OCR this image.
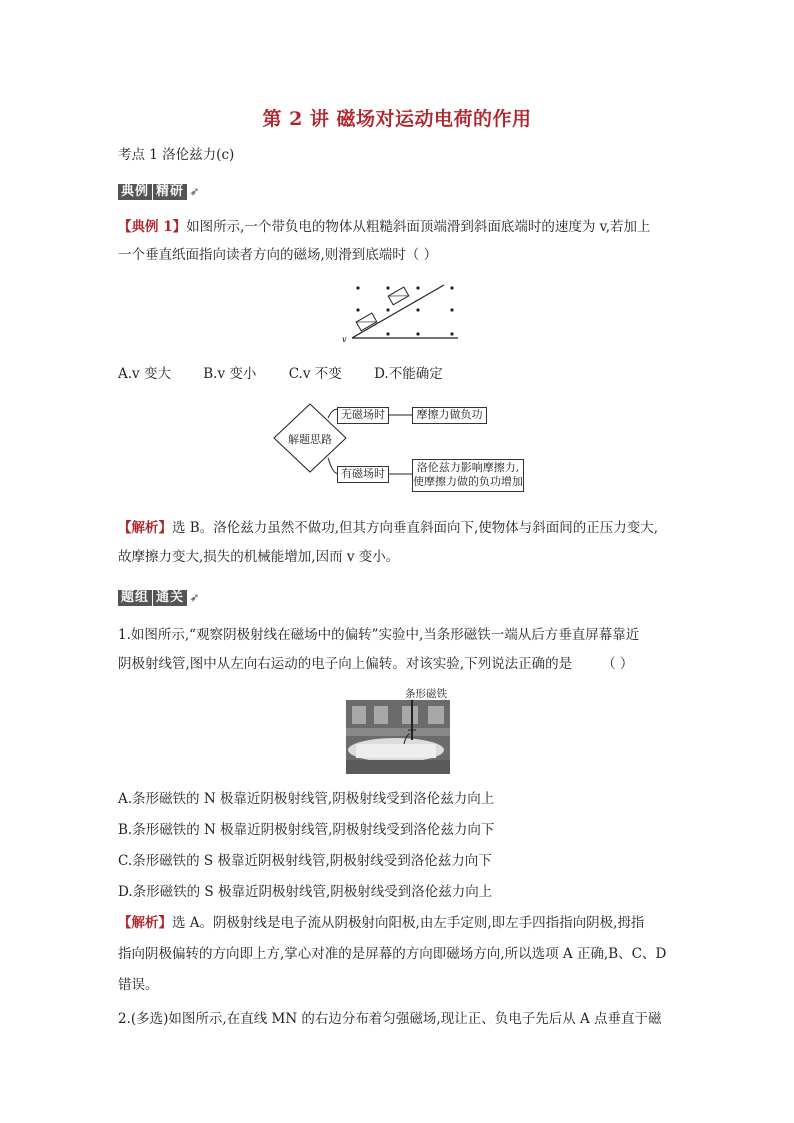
第 2 讲 磁场对运动电荷的作用
考点 1 洛伦兹力(c)
典例 精研 ➶
【典例 1】如图所示,一个带负电的物体从粗糙斜面顶端滑到斜面底端时的速度为 v,若加上
一个垂直纸面指向读者方向的磁场,则滑到底端时（ ）
v
A.v 变大 B.v 变小 C.v 不变 D.不能确定
解题思路
无磁场时	摩擦力做负功
有磁场时	洛伦兹力影响摩擦力,
使摩擦力做的负功增加
【解析】选 B。洛伦兹力虽然不做功,但其方向垂直斜面向下,使物体与斜面间的正压力变大,
故摩擦力变大,损失的机械能增加,因而 v 变小。
题组 通关 ➶
1.如图所示,“观察阴极射线在磁场中的偏转”实验中,当条形磁铁一端从后方垂直屏幕靠近
阴极射线管,图中从左向右运动的电子向上偏转。对该实验,下列说法正确的是 （ ）
条形磁铁
A.条形磁铁的 N 极靠近阴极射线管,阴极射线受到洛伦兹力向上
B.条形磁铁的 N 极靠近阴极射线管,阴极射线受到洛伦兹力向下
C.条形磁铁的 S 极靠近阴极射线管,阴极射线受到洛伦兹力向下
D.条形磁铁的 S 极靠近阴极射线管,阴极射线受到洛伦兹力向上
【解析】选 A。阴极射线是电子流从阴极射向阳极,由左手定则,即左手四指指向阴极,拇指
指向阴极偏转的方向即上方,掌心对准的是屏幕的方向即磁场方向,所以选项 A 正确,B、C、D
错误。
2.(多选)如图所示,在直线 MN 的右边分布着匀强磁场,现让正、负电子先后从 A 点垂直于磁
